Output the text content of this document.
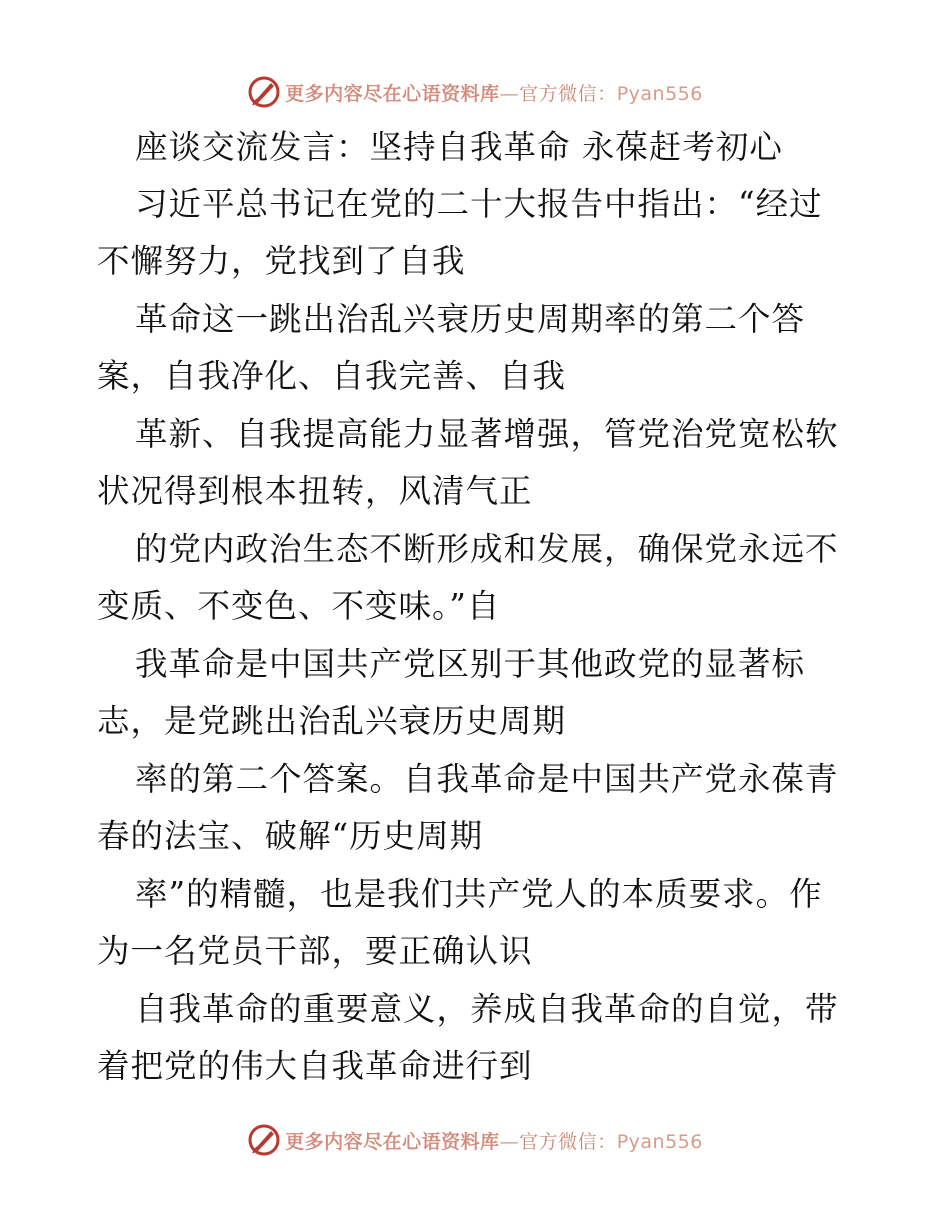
更多内容尽在心语资料库—官方微信：Pyan556
座谈交流发言：坚持自我革命 永葆赶考初心
习近平总书记在党的二十大报告中指出：“经过
不懈努力，党找到了自我
革命这一跳出治乱兴衰历史周期率的第二个答
案，自我净化、自我完善、自我
革新、自我提高能力显著增强，管党治党宽松软
状况得到根本扭转，风清气正
的党内政治生态不断形成和发展，确保党永远不
变质、不变色、不变味。”自
我革命是中国共产党区别于其他政党的显著标
志，是党跳出治乱兴衰历史周期
率的第二个答案。自我革命是中国共产党永葆青
春的法宝、破解“历史周期
率”的精髓，也是我们共产党人的本质要求。作
为一名党员干部，要正确认识
自我革命的重要意义，养成自我革命的自觉，带
着把党的伟大自我革命进行到
更多内容尽在心语资料库—官方微信：Pyan556
